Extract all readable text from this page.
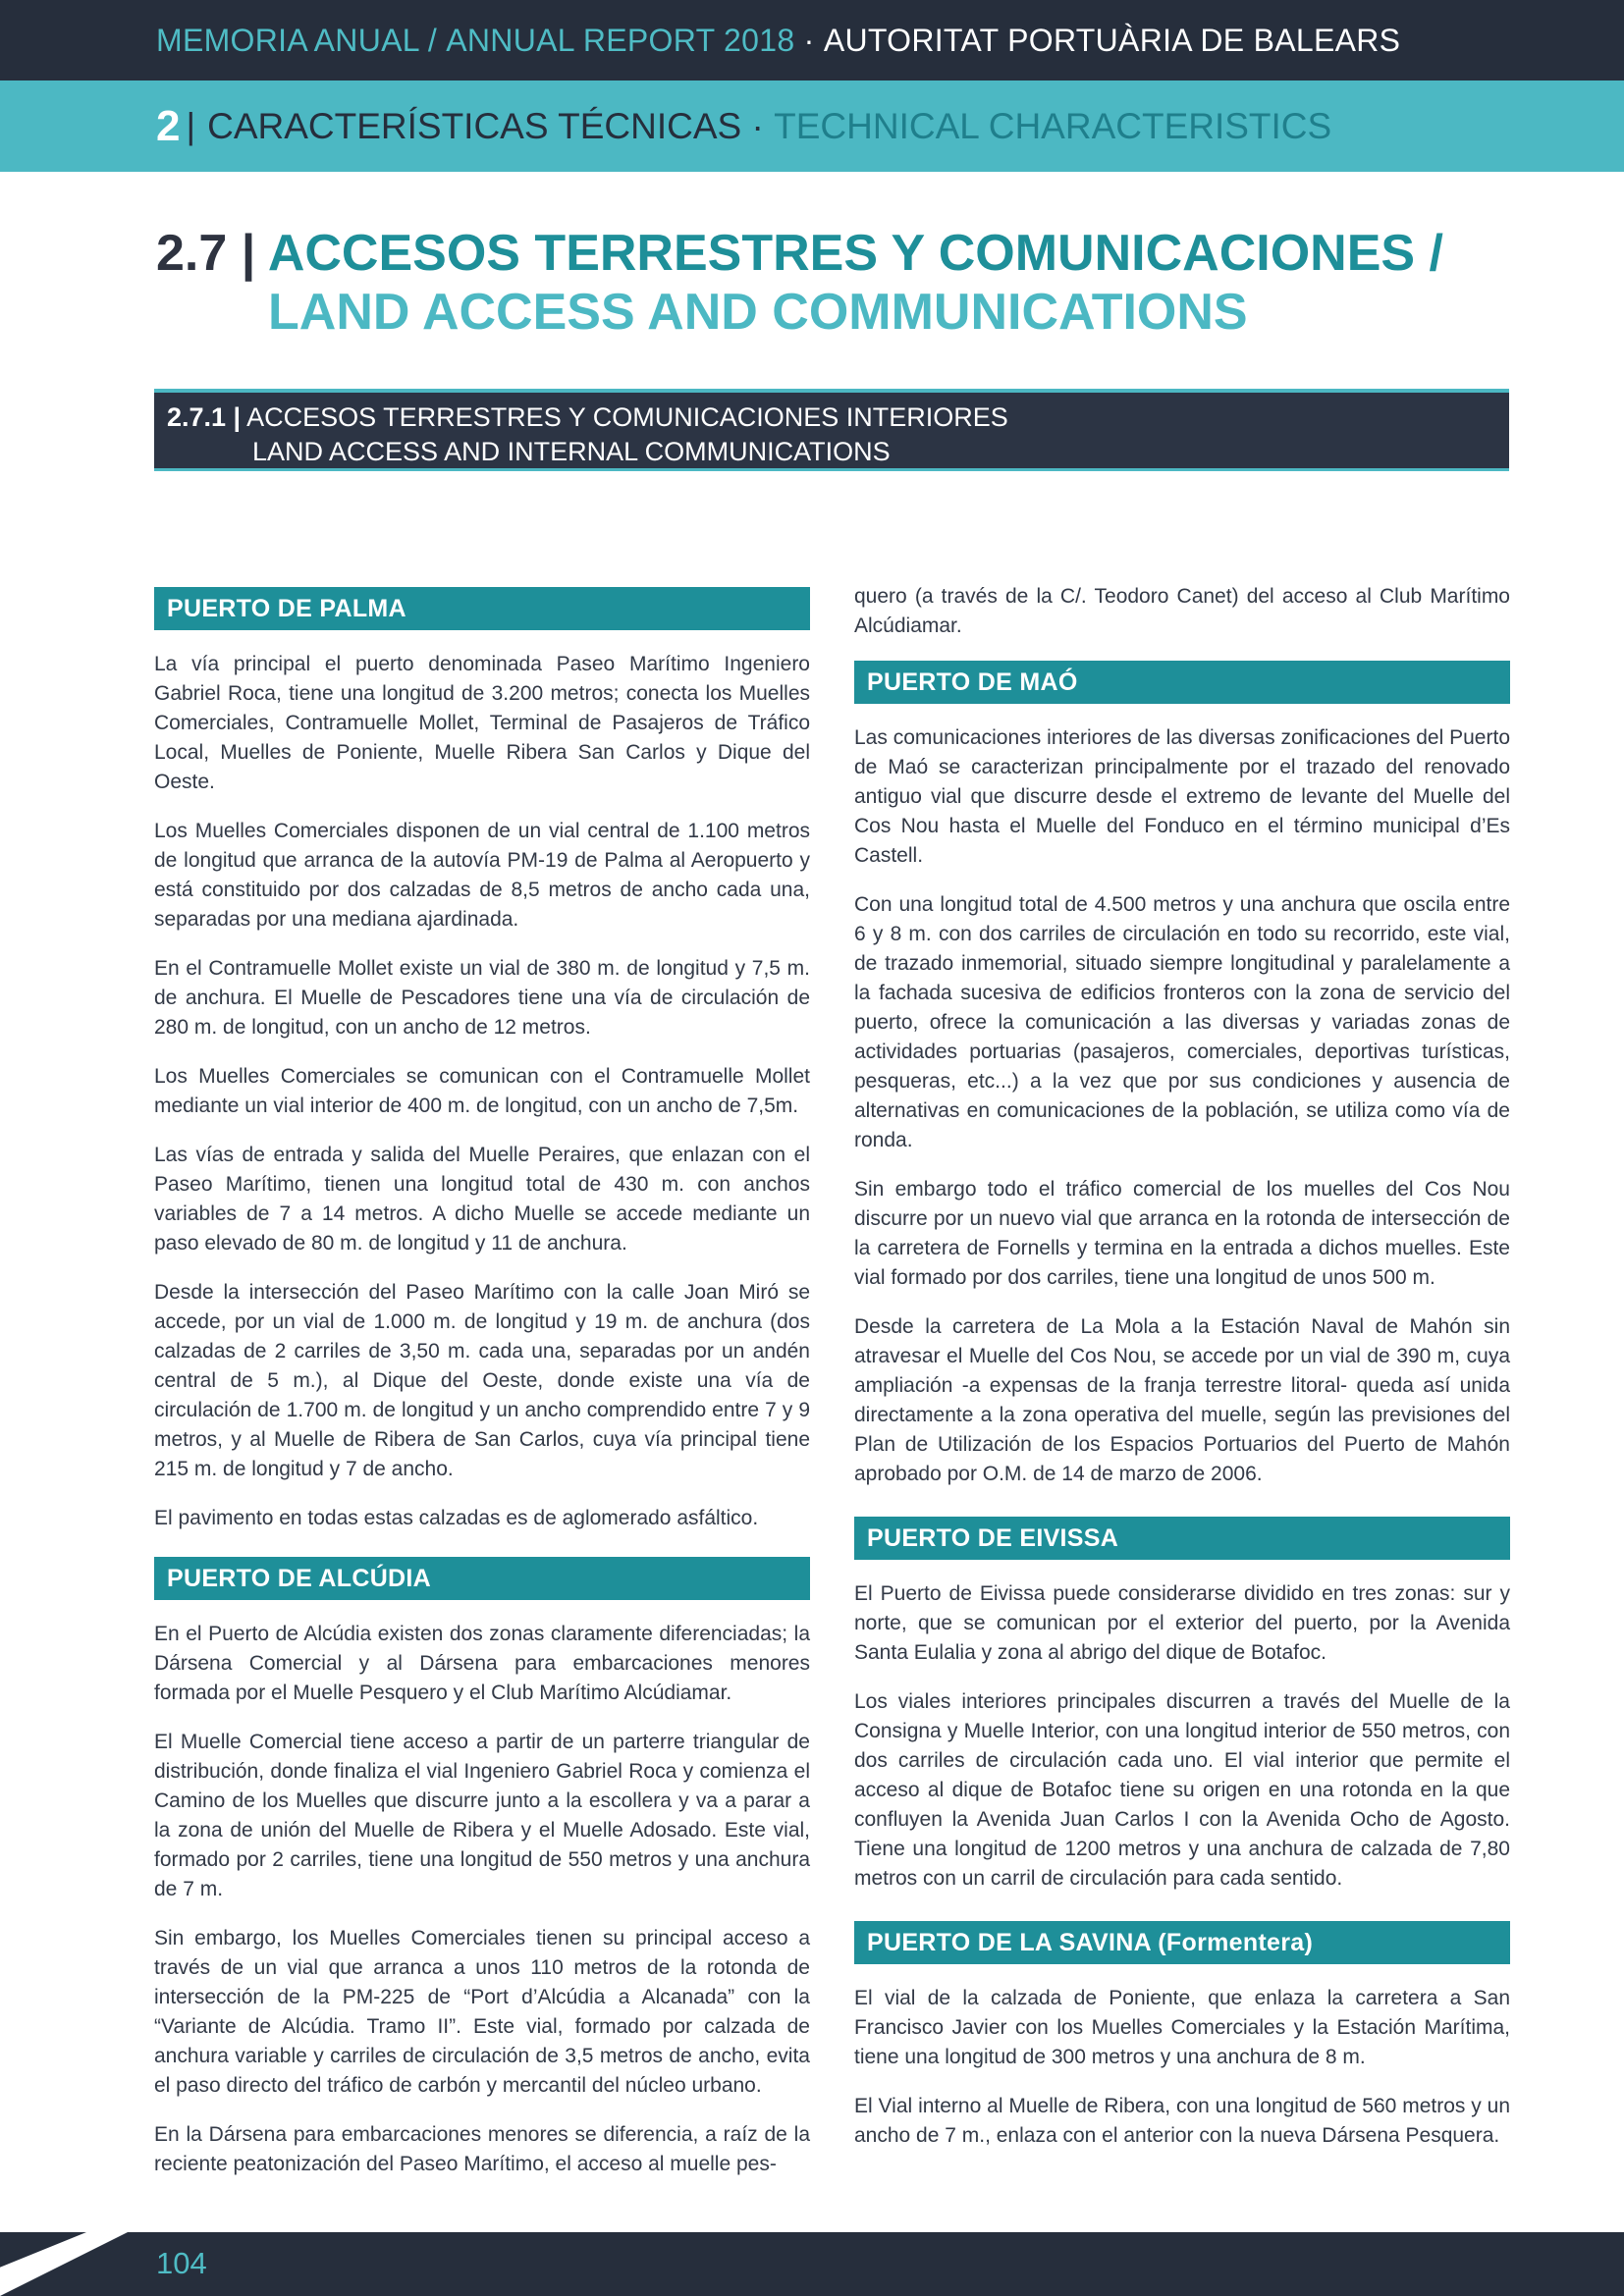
MEMORIA ANUAL /
ANNUAL REPORT 2018
·
AUTORITAT PORTUÀRIA DE BALEARS
2 | CARACTERÍSTICAS TÉCNICAS ·
TECHNICAL CHARACTERISTICS
2.7 | ACCESOS TERRESTRES Y COMUNICACIONES /
LAND ACCESS AND COMMUNICATIONS
2.7.1 | ACCESOS TERRESTRES Y COMUNICACIONES INTERIORES
LAND ACCESS AND INTERNAL COMMUNICATIONS
PUERTO DE PALMA

La vía principal el puerto denominada Paseo Marítimo Ingeniero Gabriel Roca, tiene una longitud de 3.200 metros; conecta los Muelles Comerciales, Contramuelle Mollet, Terminal de Pasajeros de Tráfico Local, Muelles de Poniente, Muelle Ribera San Carlos y Dique del Oeste.

Los Muelles Comerciales disponen de un vial central de 1.100 metros de longitud que arranca de la autovía PM-19 de Palma al Aeropuerto y está constituido por dos calzadas de 8,5 metros de ancho cada una, separadas por una mediana ajardinada.

En el Contramuelle Mollet existe un vial de 380 m. de longitud y 7,5 m. de anchura. El Muelle de Pescadores tiene una vía de circulación de 280 m. de longitud, con un ancho de 12 metros.

Los Muelles Comerciales se comunican con el Contramuelle Mollet mediante un vial interior de 400 m. de longitud, con un ancho de 7,5m.

Las vías de entrada y salida del Muelle Peraires, que enlazan con el Paseo Marítimo, tienen una longitud total de 430 m. con anchos variables de 7 a 14 metros. A dicho Muelle se accede mediante un paso elevado de 80 m. de longitud y 11 de anchura.

Desde la intersección del Paseo Marítimo con la calle Joan Miró se accede, por un vial de 1.000 m. de longitud y 19 m. de anchura (dos calzadas de 2 carriles de 3,50 m. cada una, separadas por un andén central de 5 m.), al Dique del Oeste, donde existe una vía de circulación de 1.700 m. de longitud y un ancho comprendido entre 7 y 9 metros, y al Muelle de Ribera de San Carlos, cuya vía principal tiene 215 m. de longitud y 7 de ancho.

El pavimento en todas estas calzadas es de aglomerado asfáltico.

PUERTO DE ALCÚDIA

En el Puerto de Alcúdia existen dos zonas claramente diferenciadas; la Dársena Comercial y al Dársena para embarcaciones menores formada por el Muelle Pesquero y el Club Marítimo Alcúdiamar.

El Muelle Comercial tiene acceso a partir de un parterre triangular de distribución, donde finaliza el vial Ingeniero Gabriel Roca y comienza el Camino de los Muelles que discurre junto a la escollera y va a parar a la zona de unión del Muelle de Ribera y el Muelle Adosado. Este vial, formado por 2 carriles, tiene una longitud de 550 metros y una anchura de 7 m.

Sin embargo, los Muelles Comerciales tienen su principal acceso a través de un vial que arranca a unos 110 metros de la rotonda de intersección de la PM-225 de “Port d’Alcúdia a Alcanada” con la “Variante de Alcúdia. Tramo II”. Este vial, formado por calzada de anchura variable y carriles de circulación de 3,5 metros de ancho, evita el paso directo del tráfico de carbón y mercantil del núcleo urbano.

En la Dársena para embarcaciones menores se diferencia, a raíz de la reciente peatonización del Paseo Marítimo, el acceso al muelle pes-

quero (a través de la C/. Teodoro Canet) del acceso al Club Marítimo Alcúdiamar.

PUERTO DE MAÓ

Las comunicaciones interiores de las diversas zonificaciones del Puerto de Maó se caracterizan principalmente por el trazado del renovado antiguo vial que discurre desde el extremo de levante del Muelle del Cos Nou hasta el Muelle del Fonduco en el término municipal d’Es Castell.

Con una longitud total de 4.500 metros y una anchura que oscila entre 6 y 8 m. con dos carriles de circulación en todo su recorrido, este vial, de trazado inmemorial, situado siempre longitudinal y paralelamente a la fachada sucesiva de edificios fronteros con la zona de servicio del puerto, ofrece la comunicación a las diversas y variadas zonas de actividades portuarias (pasajeros, comerciales, deportivas turísticas, pesqueras, etc...) a la vez que por sus condiciones y ausencia de alternativas en comunicaciones de la población, se utiliza como vía de ronda.

Sin embargo todo el tráfico comercial de los muelles del Cos Nou discurre por un nuevo vial que arranca en la rotonda de intersección de la carretera de Fornells y termina en la entrada a dichos muelles. Este vial formado por dos carriles, tiene una longitud de unos 500 m.

Desde la carretera de La Mola a la Estación Naval de Mahón sin atravesar el Muelle del Cos Nou, se accede por un vial de 390 m, cuya ampliación -a expensas de la franja terrestre litoral- queda así unida directamente a la zona operativa del muelle, según las previsiones del Plan de Utilización de los Espacios Portuarios del Puerto de Mahón aprobado por O.M. de 14 de marzo de 2006.

PUERTO DE EIVISSA

El Puerto de Eivissa puede considerarse dividido en tres zonas: sur y norte, que se comunican por el exterior del puerto, por la Avenida Santa Eulalia y zona al abrigo del dique de Botafoc.

Los viales interiores principales discurren a través del Muelle de la Consigna y Muelle Interior, con una longitud interior de 550 metros, con dos carriles de circulación cada uno. El vial interior que permite el acceso al dique de Botafoc tiene su origen en una rotonda en la que confluyen la Avenida Juan Carlos I con la Avenida Ocho de Agosto. Tiene una longitud de 1200 metros y una anchura de calzada de 7,80 metros con un carril de circulación para cada sentido.

PUERTO DE LA SAVINA (Formentera)

El vial de la calzada de Poniente, que enlaza la carretera a San Francisco Javier con los Muelles Comerciales y la Estación Marítima, tiene una longitud de 300 metros y una anchura de 8 m.

El Vial interno al Muelle de Ribera, con una longitud de 560 metros y un ancho de 7 m., enlaza con el anterior con la nueva Dársena Pesquera.

104
